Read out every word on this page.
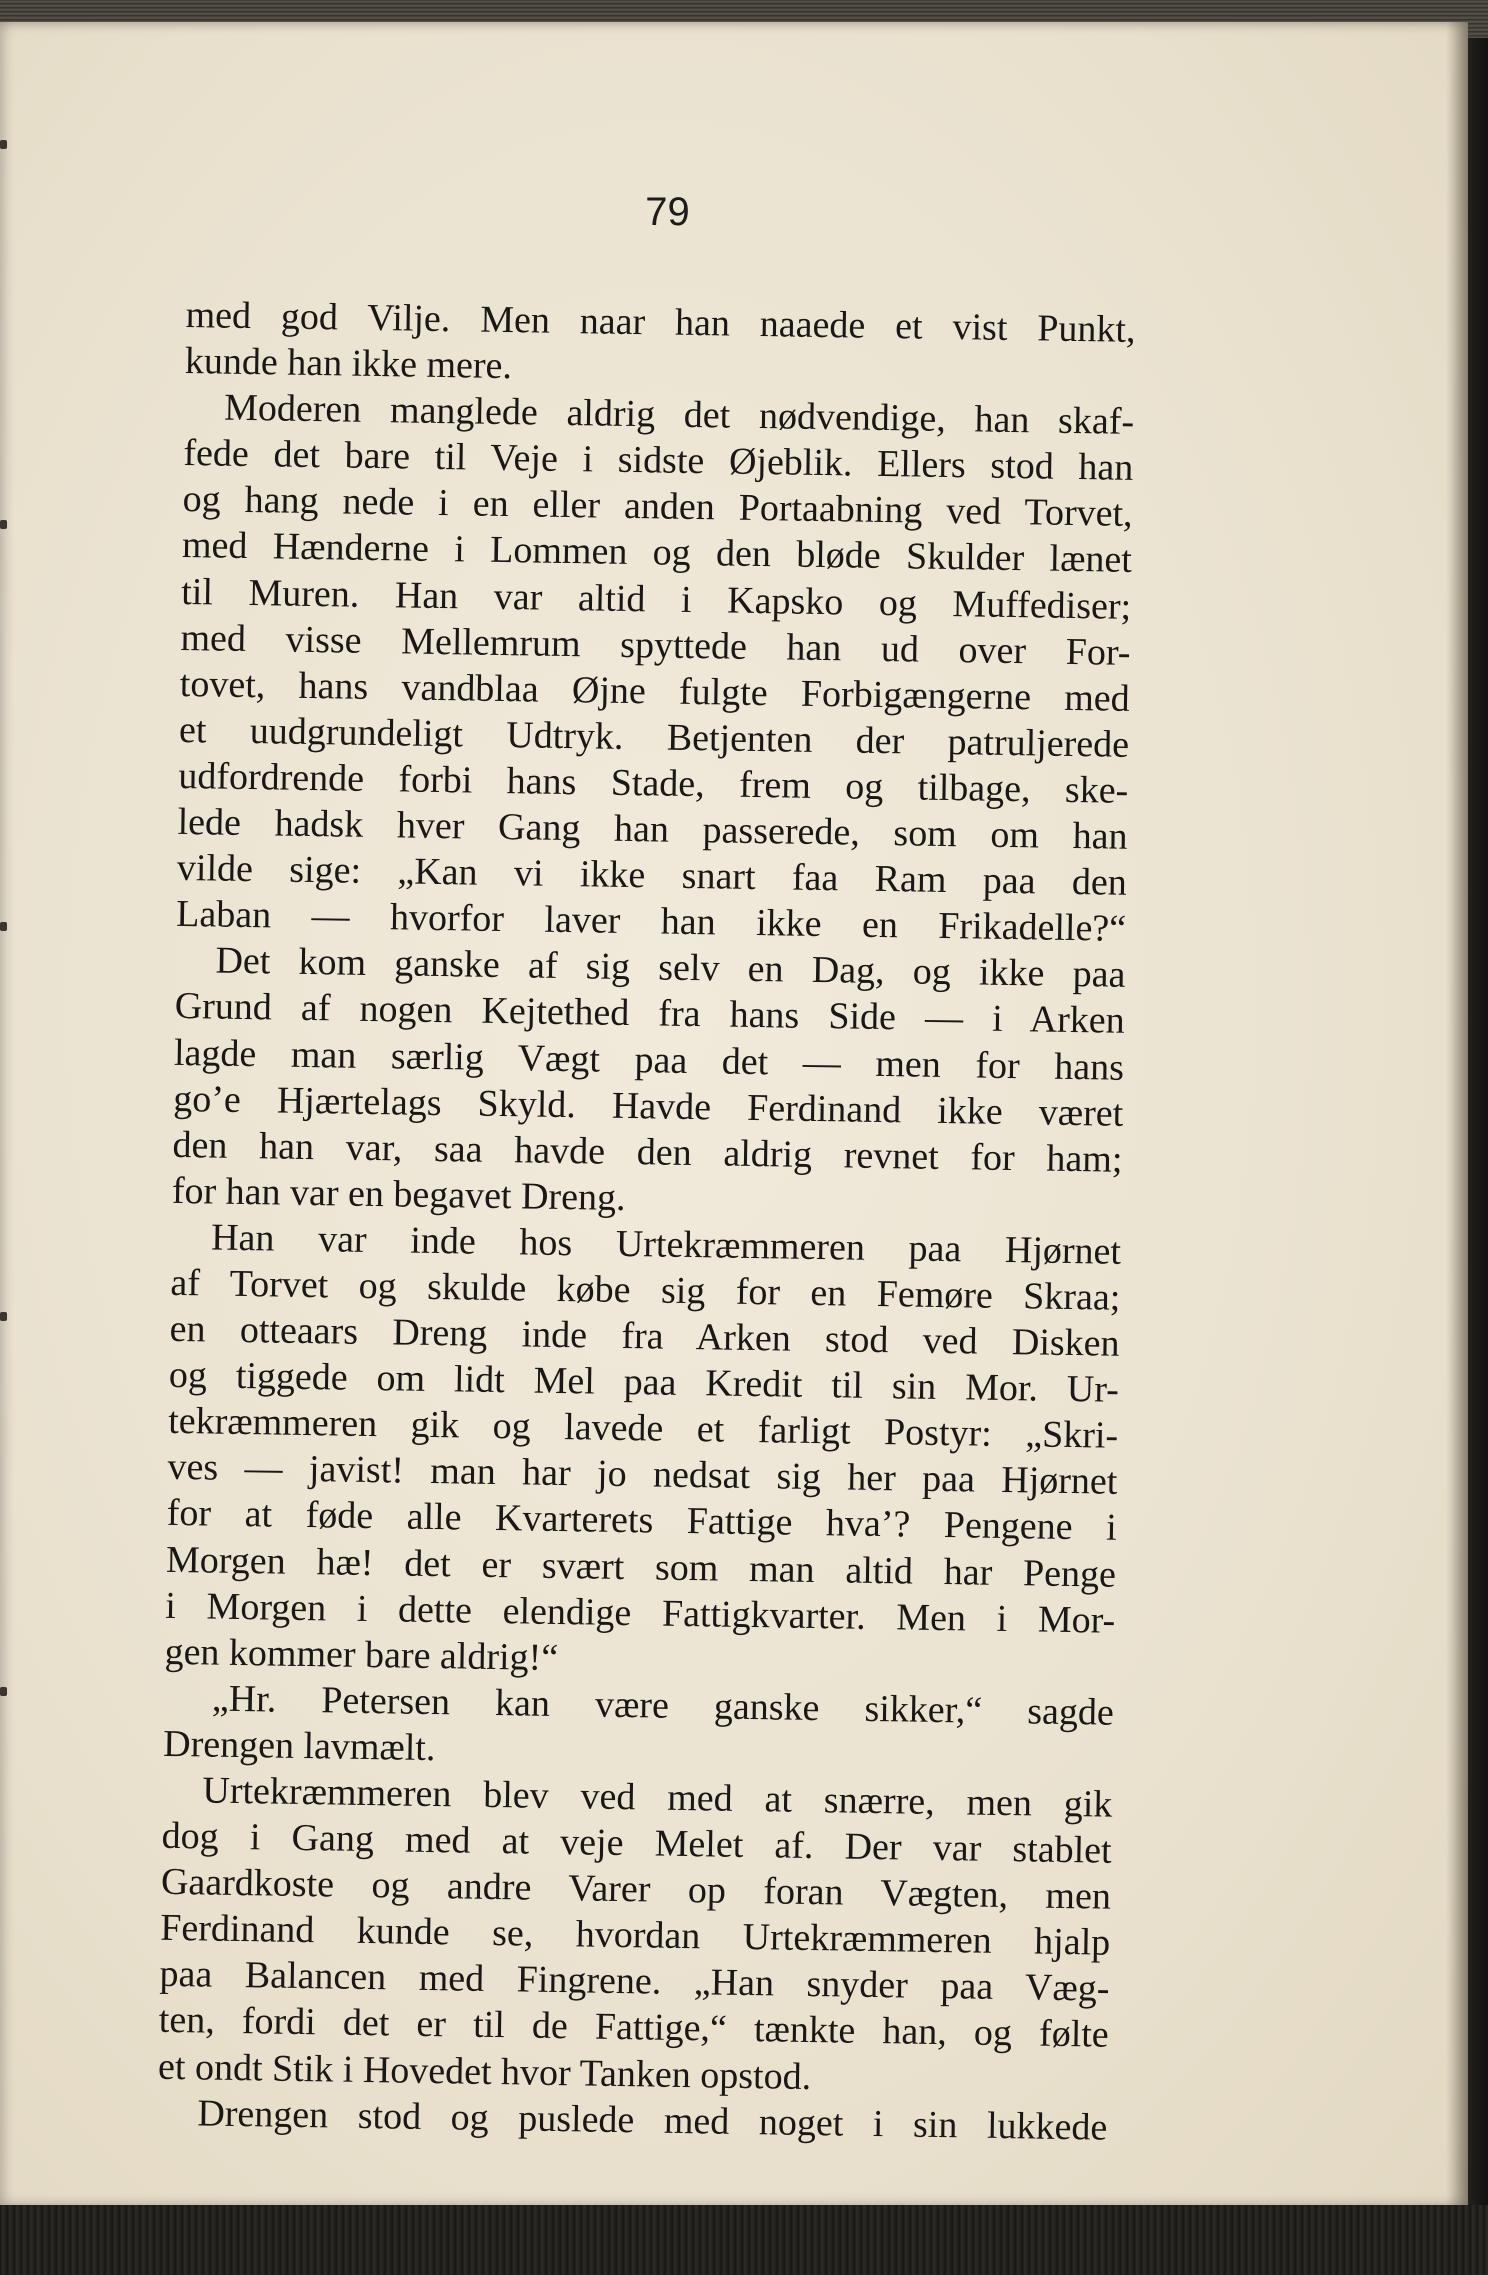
79
med god Vilje. Men naar han naaede et vist Punkt,
kunde han ikke mere.
Moderen manglede aldrig det nødvendige, han skaf-
fede det bare til Veje i sidste Øjeblik. Ellers stod han
og hang nede i en eller anden Portaabning ved Torvet,
med Hænderne i Lommen og den bløde Skulder lænet
til Muren. Han var altid i Kapsko og Muffediser;
med visse Mellemrum spyttede han ud over For-
tovet, hans vandblaa Øjne fulgte Forbigængerne med
et uudgrundeligt Udtryk. Betjenten der patruljerede
udfordrende forbi hans Stade, frem og tilbage, ske-
lede hadsk hver Gang han passerede, som om han
vilde sige: „Kan vi ikke snart faa Ram paa den
Laban — hvorfor laver han ikke en Frikadelle?“
Det kom ganske af sig selv en Dag, og ikke paa
Grund af nogen Kejtethed fra hans Side — i Arken
lagde man særlig Vægt paa det — men for hans
go’e Hjærtelags Skyld. Havde Ferdinand ikke været
den han var, saa havde den aldrig revnet for ham;
for han var en begavet Dreng.
Han var inde hos Urtekræmmeren paa Hjørnet
af Torvet og skulde købe sig for en Femøre Skraa;
en otteaars Dreng inde fra Arken stod ved Disken
og tiggede om lidt Mel paa Kredit til sin Mor. Ur-
tekræmmeren gik og lavede et farligt Postyr: „Skri-
ves — javist! man har jo nedsat sig her paa Hjørnet
for at føde alle Kvarterets Fattige hva’? Pengene i
Morgen hæ! det er svært som man altid har Penge
i Morgen i dette elendige Fattigkvarter. Men i Mor-
gen kommer bare aldrig!“
„Hr. Petersen kan være ganske sikker,“ sagde
Drengen lavmælt.
Urtekræmmeren blev ved med at snærre, men gik
dog i Gang med at veje Melet af. Der var stablet
Gaardkoste og andre Varer op foran Vægten, men
Ferdinand kunde se, hvordan Urtekræmmeren hjalp
paa Balancen med Fingrene. „Han snyder paa Væg-
ten, fordi det er til de Fattige,“ tænkte han, og følte
et ondt Stik i Hovedet hvor Tanken opstod.
Drengen stod og puslede med noget i sin lukkede
